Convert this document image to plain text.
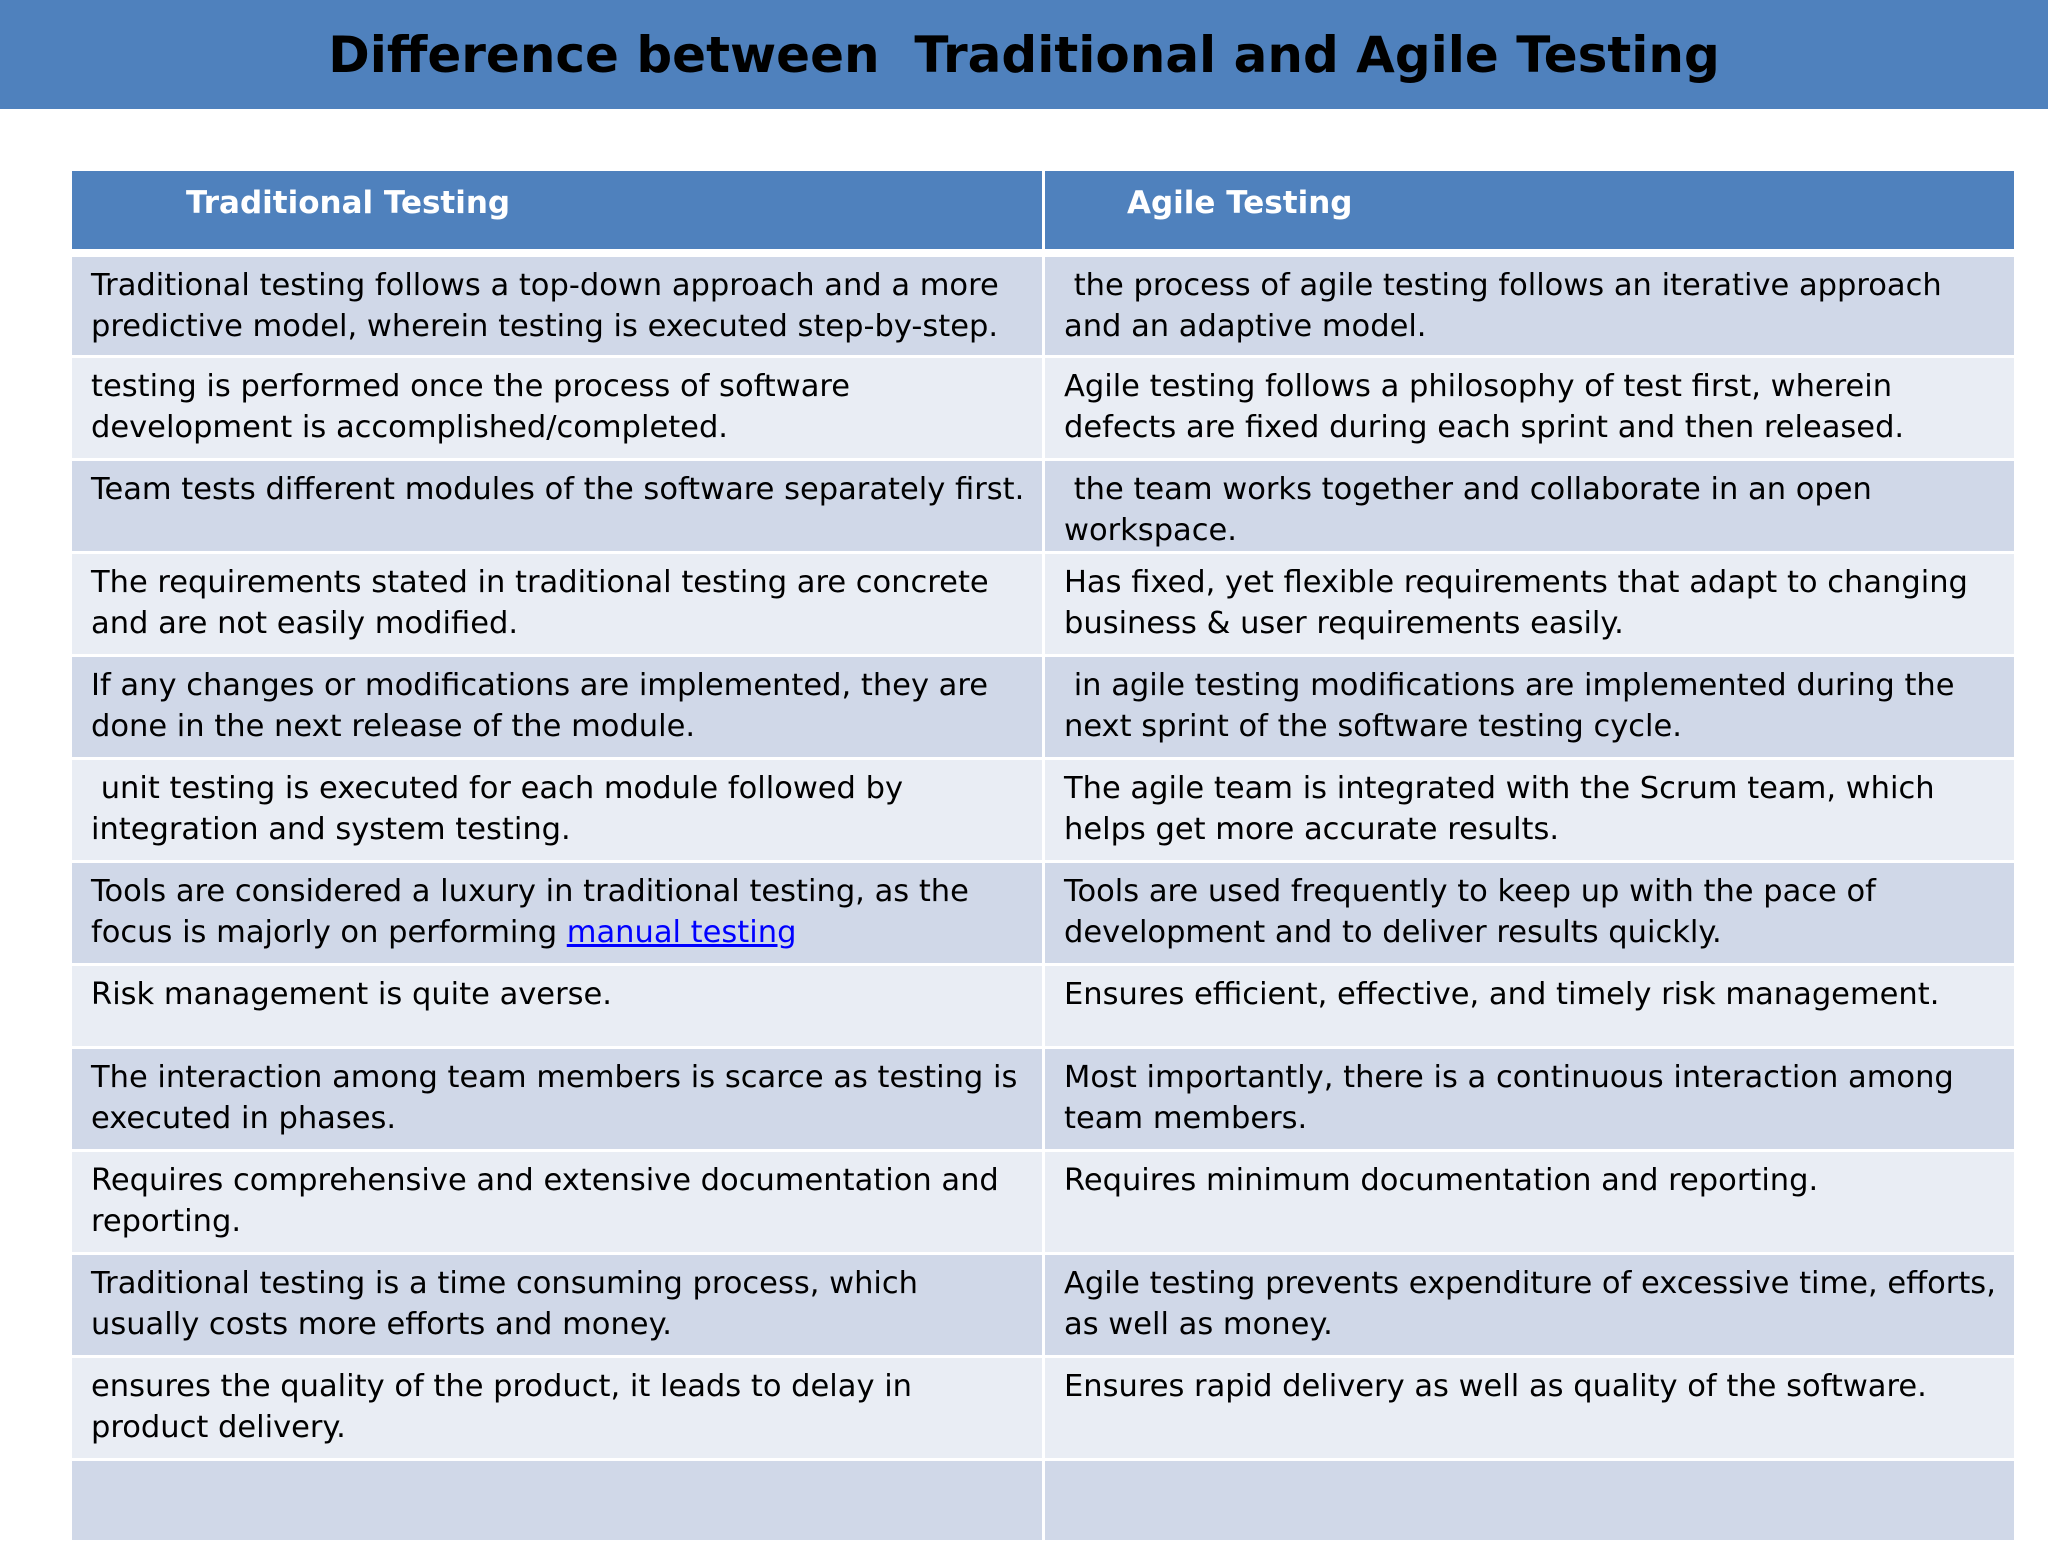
Difference between  Traditional and Agile Testing
Traditional Testing	Agile Testing
Traditional testing follows a top-down approach and a more predictive model, wherein testing is executed step-by-step.	the process of agile testing follows an iterative approach and an adaptive model.
testing is performed once the process of software development is accomplished/completed.	Agile testing follows a philosophy of test first, wherein defects are fixed during each sprint and then released.
Team tests different modules of the software separately first.	the team works together and collaborate in an open workspace.
The requirements stated in traditional testing are concrete and are not easily modified.	Has fixed, yet flexible requirements that adapt to changing business & user requirements easily.
If any changes or modifications are implemented, they are done in the next release of the module.	in agile testing modifications are implemented during the next sprint of the software testing cycle.
unit testing is executed for each module followed by integration and system testing.	The agile team is integrated with the Scrum team, which helps get more accurate results.
Tools are considered a luxury in traditional testing, as the focus is majorly on performing manual testing	Tools are used frequently to keep up with the pace of development and to deliver results quickly.
Risk management is quite averse.	Ensures efficient, effective, and timely risk management.
The interaction among team members is scarce as testing is executed in phases.	Most importantly, there is a continuous interaction among team members.
Requires comprehensive and extensive documentation and reporting.	Requires minimum documentation and reporting.
Traditional testing is a time consuming process, which usually costs more efforts and money.	Agile testing prevents expenditure of excessive time, efforts, as well as money.
ensures the quality of the product, it leads to delay in product delivery.	Ensures rapid delivery as well as quality of the software.
